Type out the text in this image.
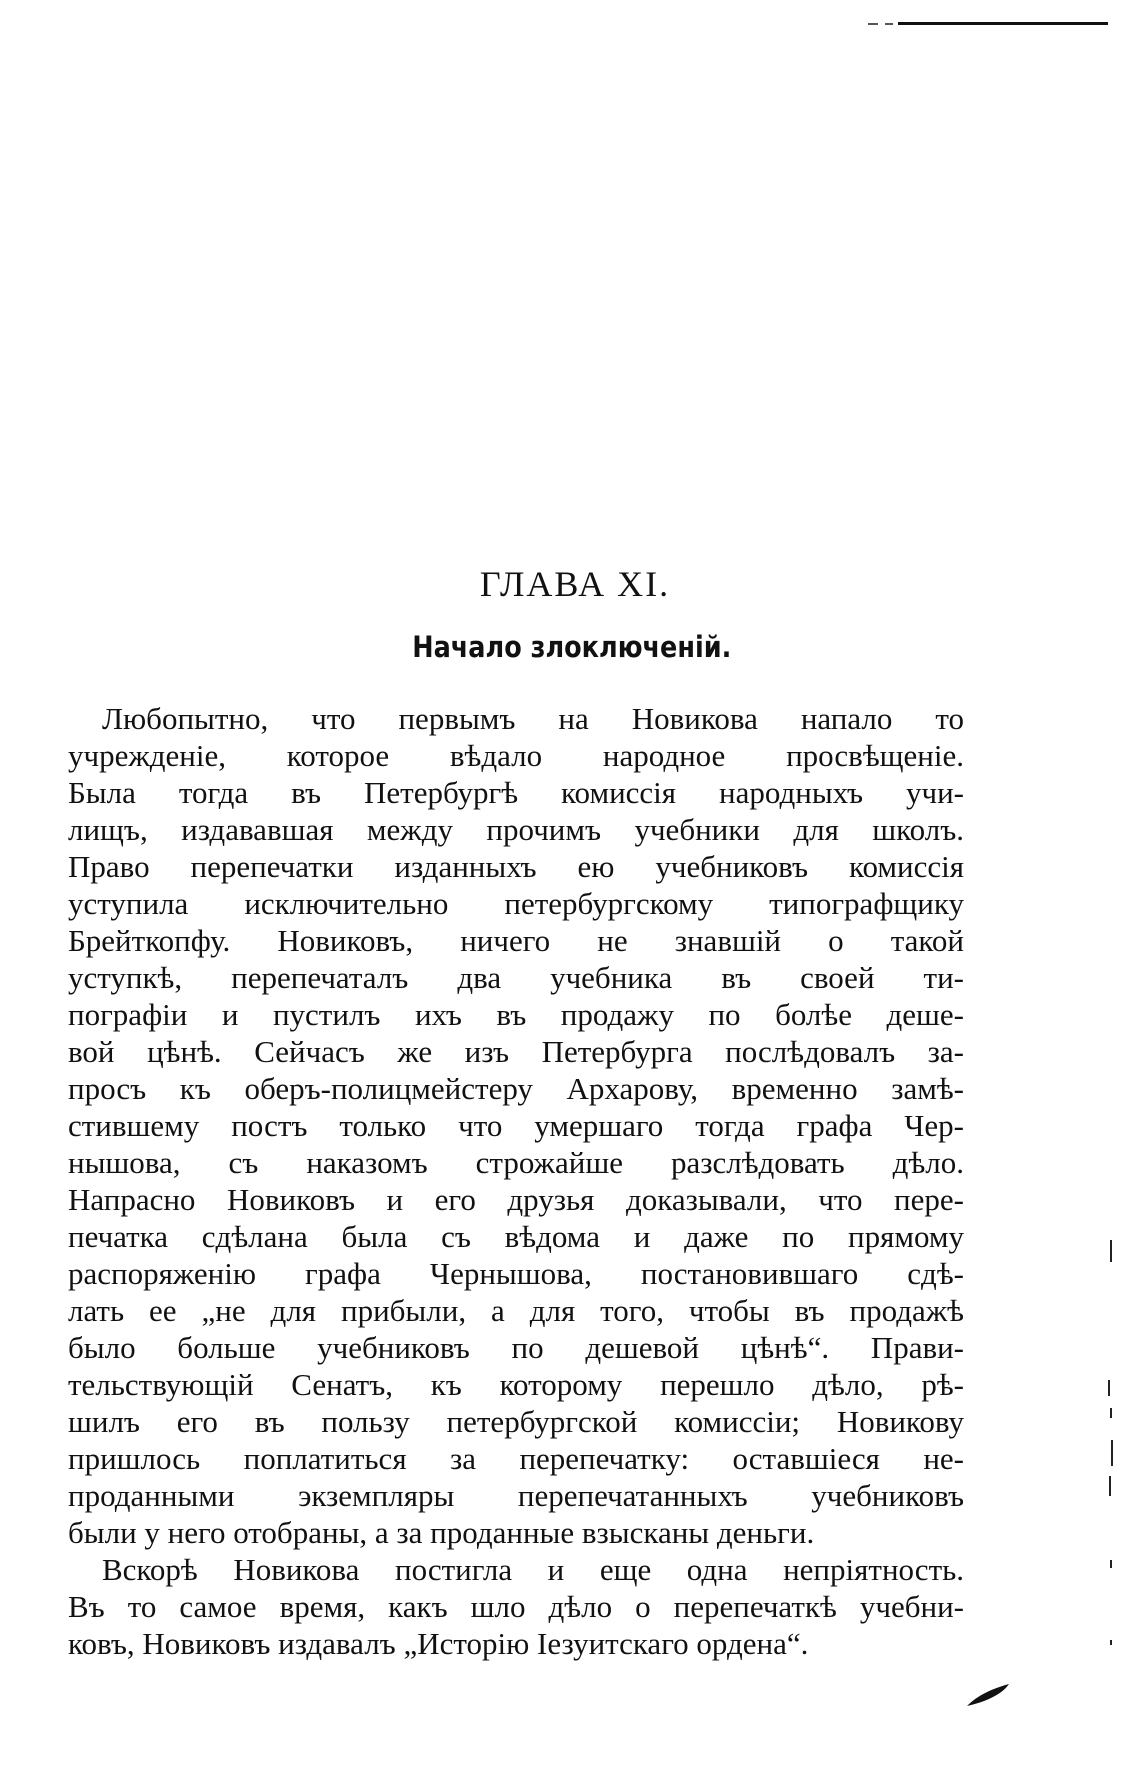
ГЛАВА XI.
Начало злоключеній.
Любопытно, что первымъ на Новикова напало то
учрежденіе, которое вѣдало народное просвѣщеніе.
Была тогда въ Петербургѣ комиссія народныхъ учи-
лищъ, издававшая между прочимъ учебники для школъ.
Право перепечатки изданныхъ ею учебниковъ комиссія
уступила исключительно петербургскому типографщику
Брейткопфу. Новиковъ, ничего не знавшій о такой
уступкѣ, перепечаталъ два учебника въ своей ти-
пографіи и пустилъ ихъ въ продажу по болѣе деше-
вой цѣнѣ. Сейчасъ же изъ Петербурга послѣдовалъ за-
просъ къ оберъ-полицмейстеру Архарову, временно замѣ-
стившему постъ только что умершаго тогда графа Чер-
нышова, съ наказомъ строжайше разслѣдовать дѣло.
Напрасно Новиковъ и его друзья доказывали, что пере-
печатка сдѣлана была съ вѣдома и даже по прямому
распоряженію графа Чернышова, постановившаго сдѣ-
лать ее „не для прибыли, а для того, чтобы въ продажѣ
было больше учебниковъ по дешевой цѣнѣ“. Прави-
тельствующій Сенатъ, къ которому перешло дѣло, рѣ-
шилъ его въ пользу петербургской комиссіи; Новикову
пришлось поплатиться за перепечатку: оставшіеся не-
проданными экземпляры перепечатанныхъ учебниковъ
были у него отобраны, а за проданные взысканы деньги.
Вскорѣ Новикова постигла и еще одна непріятность.
Въ то самое время, какъ шло дѣло о перепечаткѣ учебни-
ковъ, Новиковъ издавалъ „Исторію Іезуитскаго ордена“.
